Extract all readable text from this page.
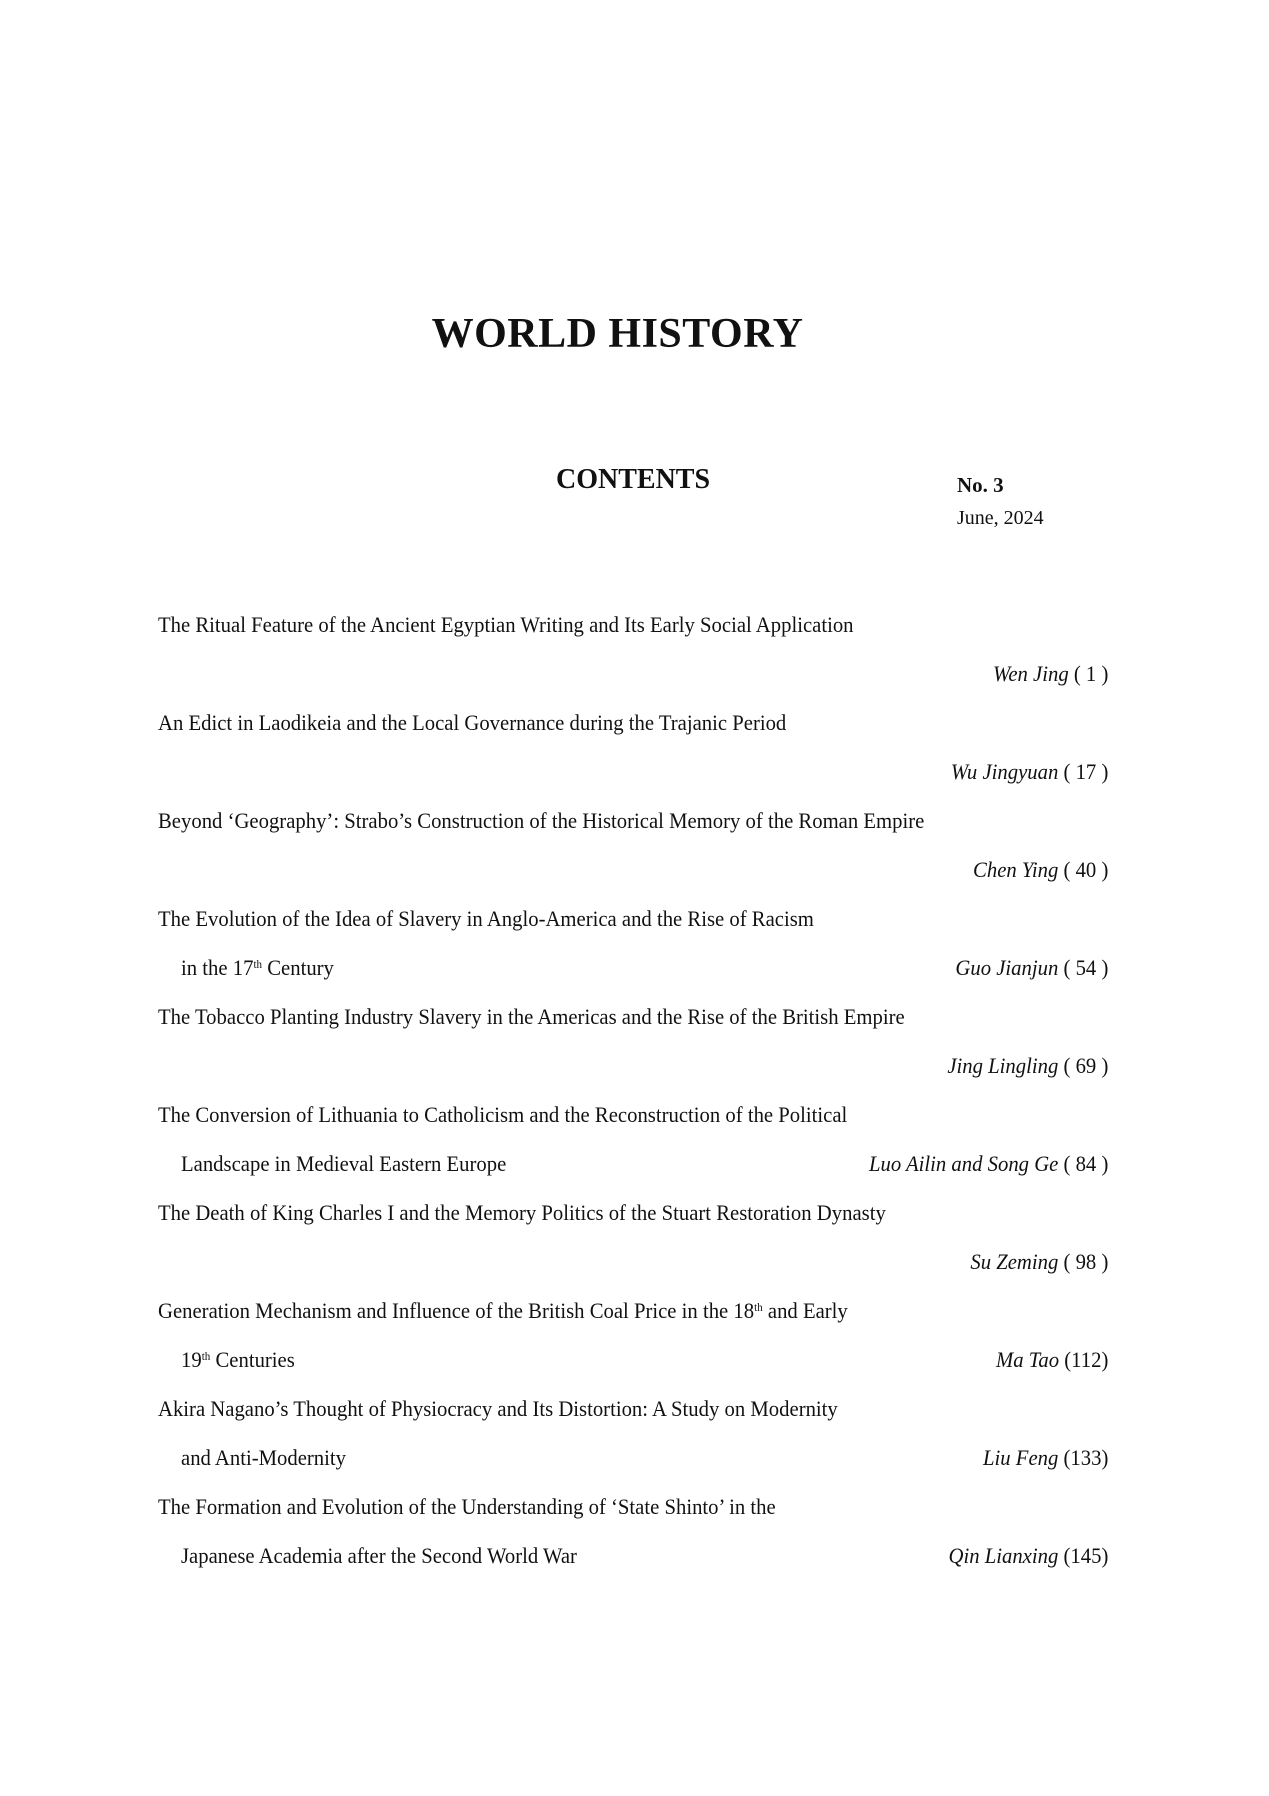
WORLD HISTORY
CONTENTS	No. 3
June, 2024
The Ritual Feature of the Ancient Egyptian Writing and Its Early Social Application
Wen Jing ( 1 )
An Edict in Laodikeia and the Local Governance during the Trajanic Period
Wu Jingyuan ( 17 )
Beyond ‘Geography’: Strabo’s Construction of the Historical Memory of the Roman Empire
Chen Ying ( 40 )
The Evolution of the Idea of Slavery in Anglo-America and the Rise of Racism
in the 17th Century	Guo Jianjun ( 54 )
The Tobacco Planting Industry Slavery in the Americas and the Rise of the British Empire
Jing Lingling ( 69 )
The Conversion of Lithuania to Catholicism and the Reconstruction of the Political
Landscape in Medieval Eastern Europe	Luo Ailin and Song Ge ( 84 )
The Death of King Charles I and the Memory Politics of the Stuart Restoration Dynasty
Su Zeming ( 98 )
Generation Mechanism and Influence of the British Coal Price in the 18th and Early
19th Centuries	Ma Tao (112)
Akira Nagano’s Thought of Physiocracy and Its Distortion: A Study on Modernity
and Anti-Modernity	Liu Feng (133)
The Formation and Evolution of the Understanding of ‘State Shinto’ in the
Japanese Academia after the Second World War	Qin Lianxing (145)
